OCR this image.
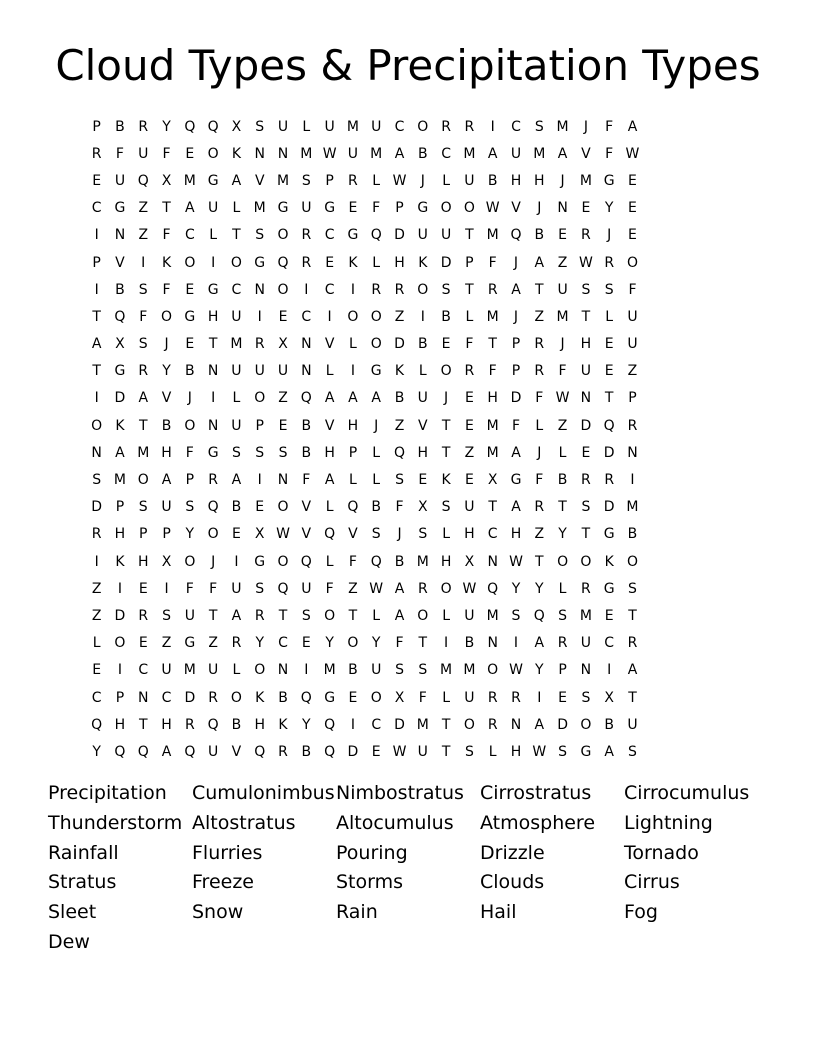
Cloud Types & Precipitation Types
P	B R	Y Q Q X	S U	L	U M U C O R R	I	C S M	J	F	A
R	F	U	F	E O K N N M W U M A B C M A U M A V	F W
E U Q X M G A V M S	P	R	L W	J	L	U B H H	J	M G E
C G Z	T	A U	L M G U G E	F	P G O O W V	J	N E	Y	E
I	N Z	F	C	L	T	S O R C G Q D U U T M Q B	E	R	J	E
P	V	I	K O	I	O G Q R	E	K	L	H K D P	F	J	A Z W R O
I	B	S	F	E G C N O	I	C	I	R R O S	T	R A	T U S	S	F
T Q F O G H U	I	E C	I	O O Z	I	B	L M	J	Z M T	L	U
A X	S	J	E	T M R X N V	L O D B	E	F	T	P	R	J	H E U
T G R	Y	B N U U U N	L	I	G K	L O R	F	P	R	F	U E	Z
I	D A V	J	I	L O Z Q A A A B U	J	E H D F W N T	P
O K	T	B O N U P	E	B V H	J	Z V	T	E M F	L	Z D Q R
N A M H	F G S	S	S	B H P	L Q H T	Z M A	J	L	E D N
S M O A	P	R A	I	N	F	A	L	L	S	E	K	E	X G F	B R R	I
D P	S U S Q B	E O V	L Q B	F	X	S U T	A R	T	S D M
R H P	P	Y O E	X W V Q V	S	J	S	L	H C H Z	Y	T G B
I	K H X O	J	I	G O Q L	F Q B M H X N W T O O K O
Z	I	E	I	F	F	U S Q U	F	Z W A R O W Q Y	Y	L	R G S
Z D R S U T	A R	T	S O T	L	A O L	U M S Q S M E	T
L O E	Z G Z R	Y	C E	Y O Y	F	T	I	B N	I	A R U C R
E	I	C U M U	L O N	I	M B U S	S M M O W Y	P N	I	A
C	P N C D R O K B Q G E O X	F	L	U R R	I	E	S	X	T
Q H T H R Q B H K	Y Q	I	C D M T O R N A D O B U
Y Q Q A Q U V Q R B Q D E W U T	S	L	H W S G A	S
Precipitation	Cumulonimbus Nimbostratus Cirrostratus	Cirrocumulus
Thunderstorm Altostratus	Altocumulus	Atmosphere	Lightning
Rainfall	Flurries	Pouring	Drizzle	Tornado
Stratus	Freeze	Storms	Clouds	Cirrus
Sleet	Snow	Rain	Hail	Fog
Dew
